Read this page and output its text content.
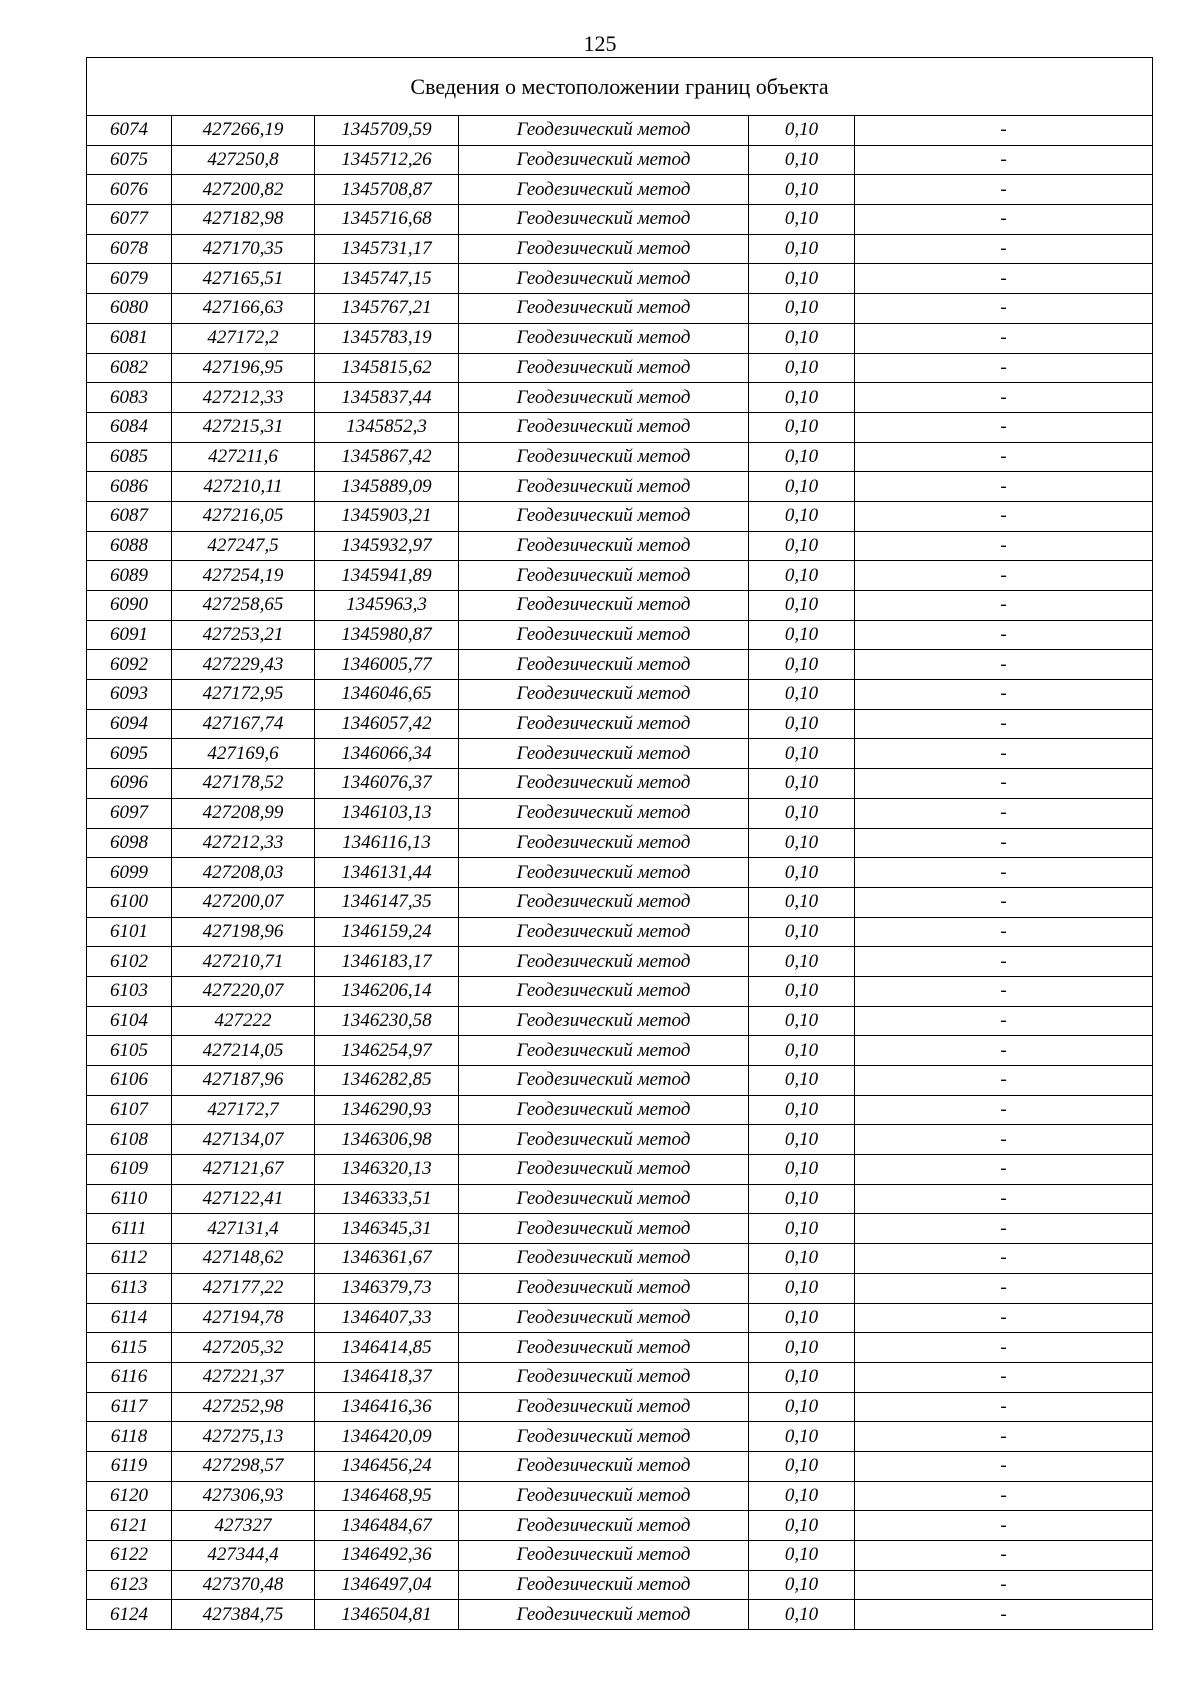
125
Сведения о местоположении границ объекта					
6074	427266,19	1345709,59	Геодезический метод	0,10	-
6075	427250,8	1345712,26	Геодезический метод	0,10	-
6076	427200,82	1345708,87	Геодезический метод	0,10	-
6077	427182,98	1345716,68	Геодезический метод	0,10	-
6078	427170,35	1345731,17	Геодезический метод	0,10	-
6079	427165,51	1345747,15	Геодезический метод	0,10	-
6080	427166,63	1345767,21	Геодезический метод	0,10	-
6081	427172,2	1345783,19	Геодезический метод	0,10	-
6082	427196,95	1345815,62	Геодезический метод	0,10	-
6083	427212,33	1345837,44	Геодезический метод	0,10	-
6084	427215,31	1345852,3	Геодезический метод	0,10	-
6085	427211,6	1345867,42	Геодезический метод	0,10	-
6086	427210,11	1345889,09	Геодезический метод	0,10	-
6087	427216,05	1345903,21	Геодезический метод	0,10	-
6088	427247,5	1345932,97	Геодезический метод	0,10	-
6089	427254,19	1345941,89	Геодезический метод	0,10	-
6090	427258,65	1345963,3	Геодезический метод	0,10	-
6091	427253,21	1345980,87	Геодезический метод	0,10	-
6092	427229,43	1346005,77	Геодезический метод	0,10	-
6093	427172,95	1346046,65	Геодезический метод	0,10	-
6094	427167,74	1346057,42	Геодезический метод	0,10	-
6095	427169,6	1346066,34	Геодезический метод	0,10	-
6096	427178,52	1346076,37	Геодезический метод	0,10	-
6097	427208,99	1346103,13	Геодезический метод	0,10	-
6098	427212,33	1346116,13	Геодезический метод	0,10	-
6099	427208,03	1346131,44	Геодезический метод	0,10	-
6100	427200,07	1346147,35	Геодезический метод	0,10	-
6101	427198,96	1346159,24	Геодезический метод	0,10	-
6102	427210,71	1346183,17	Геодезический метод	0,10	-
6103	427220,07	1346206,14	Геодезический метод	0,10	-
6104	427222	1346230,58	Геодезический метод	0,10	-
6105	427214,05	1346254,97	Геодезический метод	0,10	-
6106	427187,96	1346282,85	Геодезический метод	0,10	-
6107	427172,7	1346290,93	Геодезический метод	0,10	-
6108	427134,07	1346306,98	Геодезический метод	0,10	-
6109	427121,67	1346320,13	Геодезический метод	0,10	-
6110	427122,41	1346333,51	Геодезический метод	0,10	-
6111	427131,4	1346345,31	Геодезический метод	0,10	-
6112	427148,62	1346361,67	Геодезический метод	0,10	-
6113	427177,22	1346379,73	Геодезический метод	0,10	-
6114	427194,78	1346407,33	Геодезический метод	0,10	-
6115	427205,32	1346414,85	Геодезический метод	0,10	-
6116	427221,37	1346418,37	Геодезический метод	0,10	-
6117	427252,98	1346416,36	Геодезический метод	0,10	-
6118	427275,13	1346420,09	Геодезический метод	0,10	-
6119	427298,57	1346456,24	Геодезический метод	0,10	-
6120	427306,93	1346468,95	Геодезический метод	0,10	-
6121	427327	1346484,67	Геодезический метод	0,10	-
6122	427344,4	1346492,36	Геодезический метод	0,10	-
6123	427370,48	1346497,04	Геодезический метод	0,10	-
6124	427384,75	1346504,81	Геодезический метод	0,10	-
